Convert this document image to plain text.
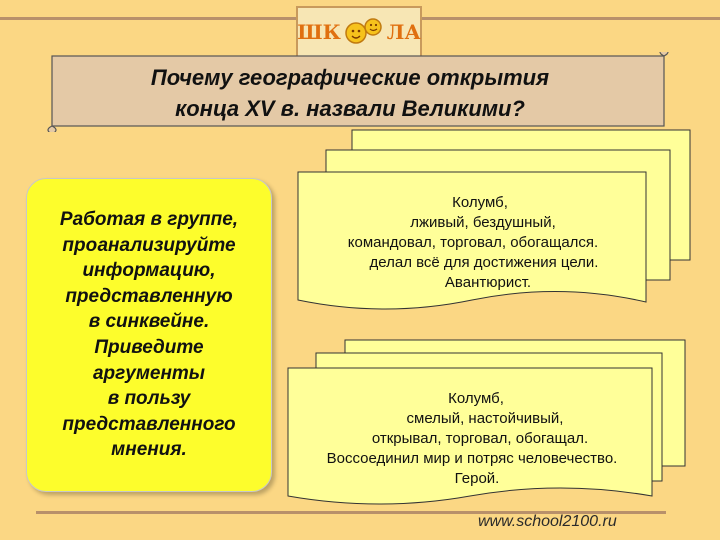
ШК ЛА
Почему географические открытия
конца XV в. назвали Великими?
Работая в группе,
проанализируйте
информацию,
представленную
в синквейне.
Приведите
аргументы
в пользу
представленного
мнения.
Колумб,
лживый, бездушный,
командовал, торговал, обогащался.
делал всё для достижения цели.
Авантюрист.
Колумб,
смелый, настойчивый,
открывал, торговал, обогащал.
Воссоединил мир и потряс человечество.
Герой.
www.school2100.ru
